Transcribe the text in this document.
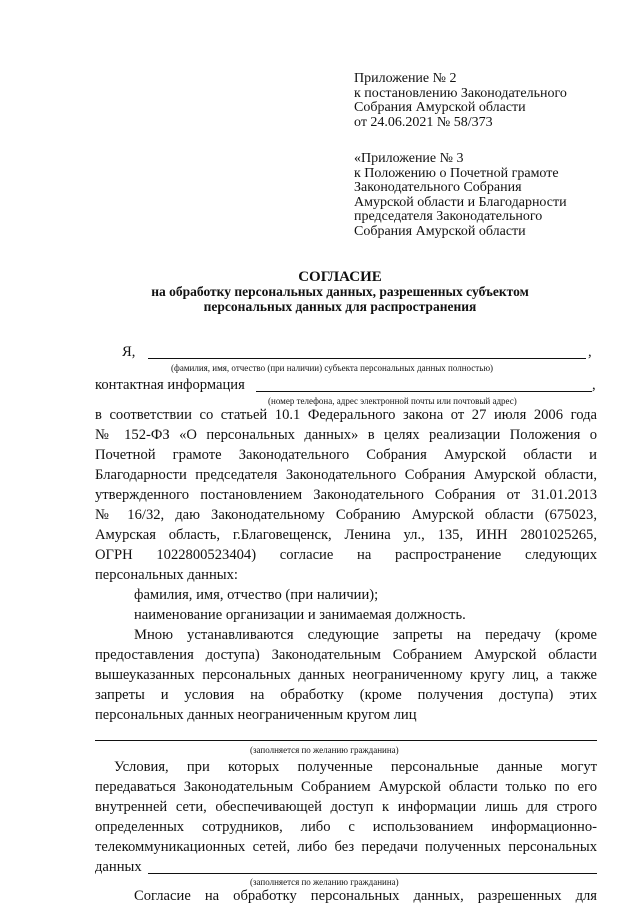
Приложение № 2
к постановлению Законодательного
Собрания Амурской области
от 24.06.2021 № 58/373
«Приложение № 3
к Положению о Почетной грамоте
Законодательного Собрания
Амурской области и Благодарности
председателя Законодательного
Собрания Амурской области
СОГЛАСИЕ
на обработку персональных данных, разрешенных субъектом
персональных данных для распространения
Я,	,
(фамилия, имя, отчество (при наличии) субъекта персональных данных полностью)
контактная информация	,
(номер телефона, адрес электронной почты или почтовый адрес)
в соответствии со статьей 10.1 Федерального закона от 27 июля 2006 года
№ 152-ФЗ «О персональных данных» в целях реализации Положения о
Почетной грамоте Законодательного Собрания Амурской области и
Благодарности председателя Законодательного Собрания Амурской области,
утвержденного постановлением Законодательного Собрания от 31.01.2013
№ 16/32, даю Законодательному Собранию Амурской области (675023,
Амурская область, г.Благовещенск, Ленина ул., 135, ИНН 2801025265,
ОГРН 1022800523404) согласие на распространение следующих
персональных данных:
фамилия, имя, отчество (при наличии);
наименование организации и занимаемая должность.
Мною устанавливаются следующие запреты на передачу (кроме
предоставления доступа) Законодательным Собранием Амурской области
вышеуказанных персональных данных неограниченному кругу лиц, а также
запреты и условия на обработку (кроме получения доступа) этих
персональных данных неограниченным кругом лиц
(заполняется по желанию гражданина)
Условия, при которых полученные персональные данные могут
передаваться Законодательным Собранием Амурской области только по его
внутренней сети, обеспечивающей доступ к информации лишь для строго
определенных сотрудников, либо с использованием информационно-
телекоммуникационных сетей, либо без передачи полученных персональных
данных
(заполняется по желанию гражданина)
Согласие на обработку персональных данных, разрешенных для
